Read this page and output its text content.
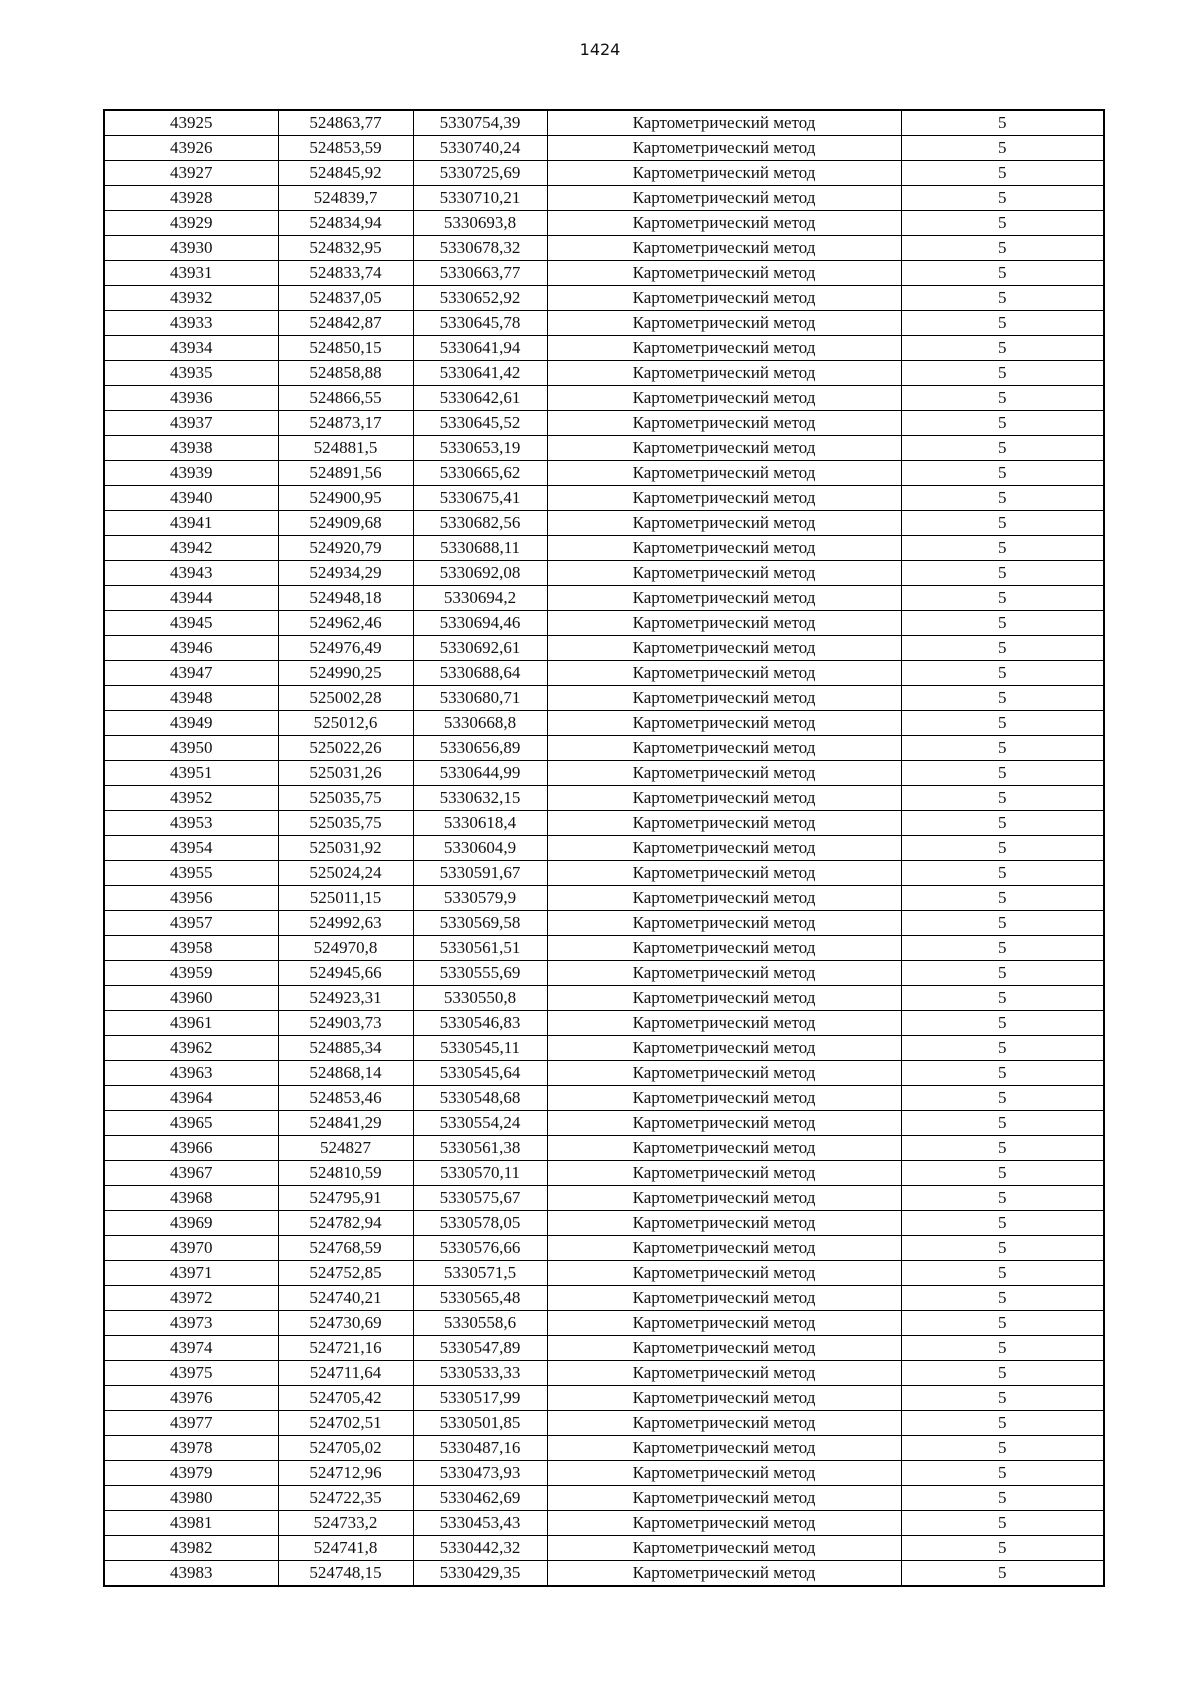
1424
43925	524863,77	5330754,39	Картометрический метод	5
43926	524853,59	5330740,24	Картометрический метод	5
43927	524845,92	5330725,69	Картометрический метод	5
43928	524839,7	5330710,21	Картометрический метод	5
43929	524834,94	5330693,8	Картометрический метод	5
43930	524832,95	5330678,32	Картометрический метод	5
43931	524833,74	5330663,77	Картометрический метод	5
43932	524837,05	5330652,92	Картометрический метод	5
43933	524842,87	5330645,78	Картометрический метод	5
43934	524850,15	5330641,94	Картометрический метод	5
43935	524858,88	5330641,42	Картометрический метод	5
43936	524866,55	5330642,61	Картометрический метод	5
43937	524873,17	5330645,52	Картометрический метод	5
43938	524881,5	5330653,19	Картометрический метод	5
43939	524891,56	5330665,62	Картометрический метод	5
43940	524900,95	5330675,41	Картометрический метод	5
43941	524909,68	5330682,56	Картометрический метод	5
43942	524920,79	5330688,11	Картометрический метод	5
43943	524934,29	5330692,08	Картометрический метод	5
43944	524948,18	5330694,2	Картометрический метод	5
43945	524962,46	5330694,46	Картометрический метод	5
43946	524976,49	5330692,61	Картометрический метод	5
43947	524990,25	5330688,64	Картометрический метод	5
43948	525002,28	5330680,71	Картометрический метод	5
43949	525012,6	5330668,8	Картометрический метод	5
43950	525022,26	5330656,89	Картометрический метод	5
43951	525031,26	5330644,99	Картометрический метод	5
43952	525035,75	5330632,15	Картометрический метод	5
43953	525035,75	5330618,4	Картометрический метод	5
43954	525031,92	5330604,9	Картометрический метод	5
43955	525024,24	5330591,67	Картометрический метод	5
43956	525011,15	5330579,9	Картометрический метод	5
43957	524992,63	5330569,58	Картометрический метод	5
43958	524970,8	5330561,51	Картометрический метод	5
43959	524945,66	5330555,69	Картометрический метод	5
43960	524923,31	5330550,8	Картометрический метод	5
43961	524903,73	5330546,83	Картометрический метод	5
43962	524885,34	5330545,11	Картометрический метод	5
43963	524868,14	5330545,64	Картометрический метод	5
43964	524853,46	5330548,68	Картометрический метод	5
43965	524841,29	5330554,24	Картометрический метод	5
43966	524827	5330561,38	Картометрический метод	5
43967	524810,59	5330570,11	Картометрический метод	5
43968	524795,91	5330575,67	Картометрический метод	5
43969	524782,94	5330578,05	Картометрический метод	5
43970	524768,59	5330576,66	Картометрический метод	5
43971	524752,85	5330571,5	Картометрический метод	5
43972	524740,21	5330565,48	Картометрический метод	5
43973	524730,69	5330558,6	Картометрический метод	5
43974	524721,16	5330547,89	Картометрический метод	5
43975	524711,64	5330533,33	Картометрический метод	5
43976	524705,42	5330517,99	Картометрический метод	5
43977	524702,51	5330501,85	Картометрический метод	5
43978	524705,02	5330487,16	Картометрический метод	5
43979	524712,96	5330473,93	Картометрический метод	5
43980	524722,35	5330462,69	Картометрический метод	5
43981	524733,2	5330453,43	Картометрический метод	5
43982	524741,8	5330442,32	Картометрический метод	5
43983	524748,15	5330429,35	Картометрический метод	5
